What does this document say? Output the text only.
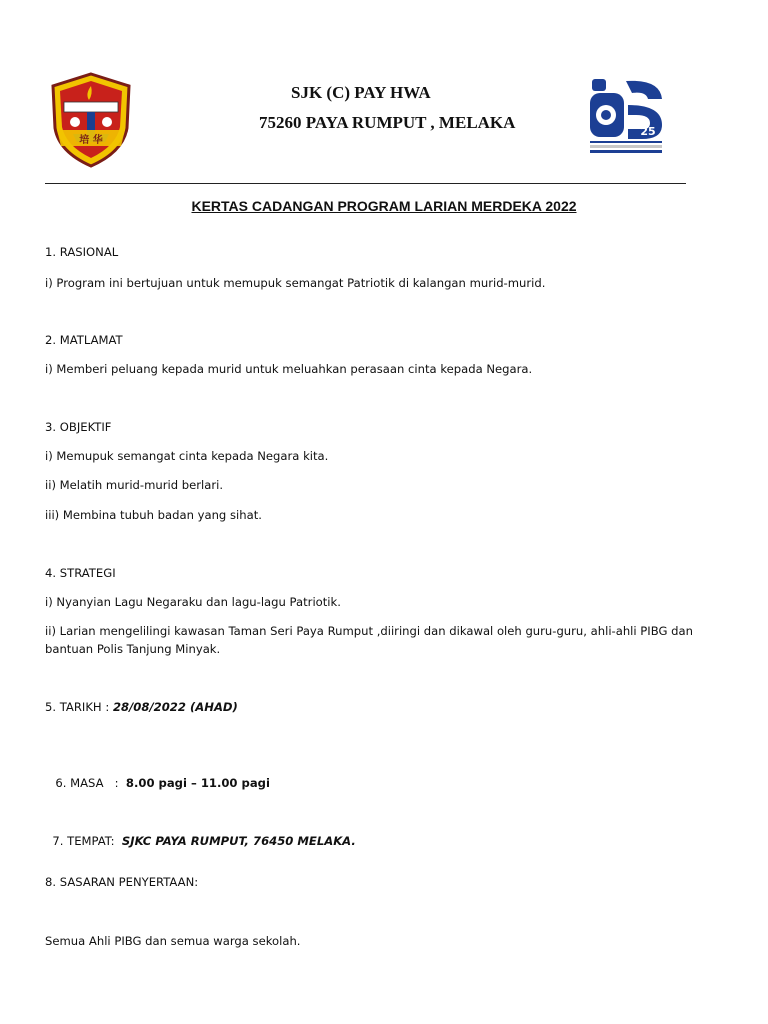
培 华
SJK (C) PAY HWA
75260 PAYA RUMPUT , MELAKA	25
KERTAS CADANGAN PROGRAM LARIAN MERDEKA 2022
1. RASIONAL
i) Program ini bertujuan untuk memupuk semangat Patriotik di kalangan murid-murid.
2. MATLAMAT
i) Memberi peluang kepada murid untuk meluahkan perasaan cinta kepada Negara.
3. OBJEKTIF
i) Memupuk semangat cinta kepada Negara kita.
ii) Melatih murid-murid berlari.
iii) Membina tubuh badan yang sihat.
4. STRATEGI
i) Nyanyian Lagu Negaraku dan lagu-lagu Patriotik.
ii) Larian mengelilingi kawasan Taman Seri Paya Rumput ,diiringi dan dikawal oleh guru-guru, ahli-ahli PIBG dan bantuan Polis Tanjung Minyak.
5. TARIKH : 28/08/2022 (AHAD)

6. MASA   :  8.00 pagi – 11.00 pagi

7. TEMPAT:  SJKC PAYA RUMPUT, 76450 MELAKA.

8. SASARAN PENYERTAAN:
Semua Ahli PIBG dan semua warga sekolah.
